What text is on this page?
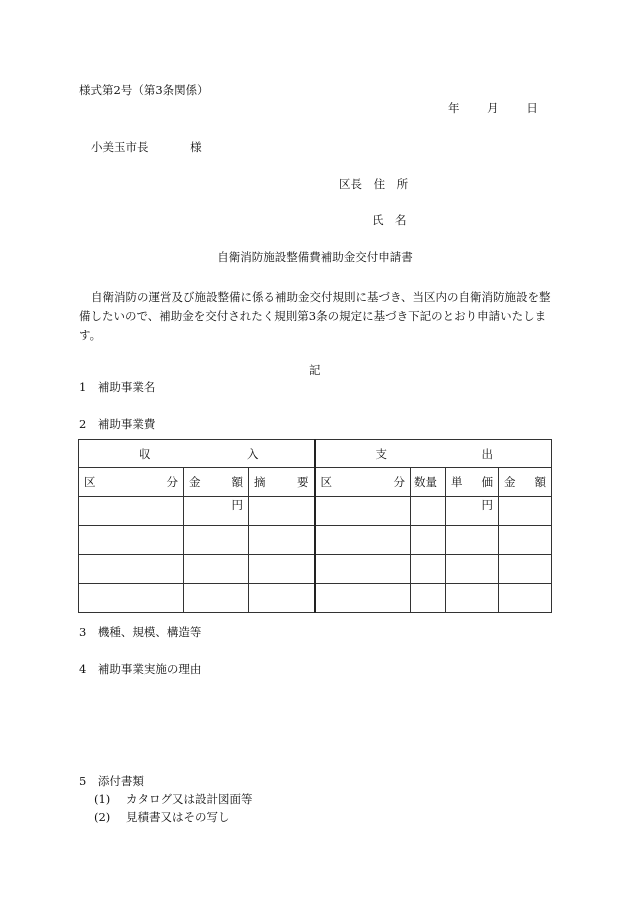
様式第2号（第3条関係）
年 月 日
小美玉市長	様
区長 住　所
氏　名
自衛消防施設整備費補助金交付申請書
自衛消防の運営及び施設整備に係る補助金交付規則に基づき、当区内の自衛消防施設を整備したいので、補助金を交付されたく規則第3条の規定に基づき下記のとおり申請いたします。
記
1　補助事業名
2　補助事業費
収 入			支 出			

区 分	金 額	摘 要	区 分	数量	単 価	金 額

	円				円	

3　機種、規模、構造等
4　補助事業実施の理由
5　添付書類
(1) カタログ又は設計図面等
(2) 見積書又はその写し
